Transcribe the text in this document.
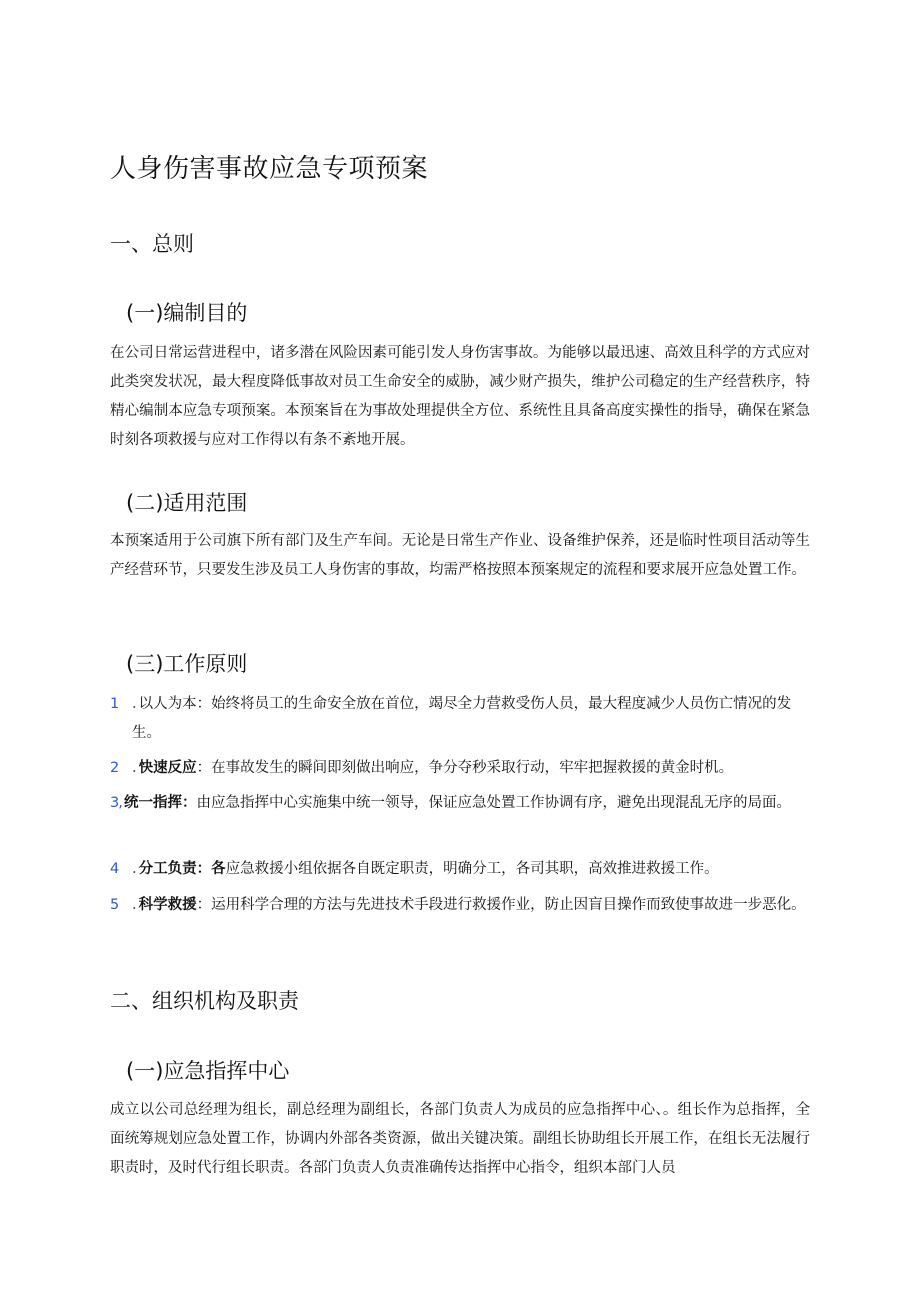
人身伤害事故应急专项预案
一、总则
(一)编制目的

在公司日常运营进程中，诸多潜在风险因素可能引发人身伤害事故。为能够以最迅速、高效且科学的方式应对此类突发状况，最大程度降低事故对员工生命安全的威胁，减少财产损失，维护公司稳定的生产经营秩序，特精心编制本应急专项预案。本预案旨在为事故处理提供全方位、系统性且具备高度实操性的指导，确保在紧急时刻各项救援与应对工作得以有条不紊地开展。

(二)适用范围

本预案适用于公司旗下所有部门及生产车间。无论是日常生产作业、设备维护保养，还是临时性项目活动等生产经营环节，只要发生涉及员工人身伤害的事故，均需严格按照本预案规定的流程和要求展开应急处置工作。

(三)工作原则
1 . 以人为本：始终将员工的生命安全放在首位，竭尽全力营救受伤人员，最大程度减少人员伤亡情况的发生。
2 . 快速反应：在事故发生的瞬间即刻做出响应，争分夺秒采取行动，牢牢把握救援的黄金时机。
3, 统一指挥：由应急指挥中心实施集中统一领导，保证应急处置工作协调有序，避免出现混乱无序的局面。
4 . 分工负责：各应急救援小组依据各自既定职责，明确分工，各司其职，高效推进救援工作。
5 . 科学救援：运用科学合理的方法与先进技术手段进行救援作业，防止因盲目操作而致使事故进一步恶化。
二、组织机构及职责
(一)应急指挥中心

成立以公司总经理为组长，副总经理为副组长，各部门负责人为成员的应急指挥中心、。组长作为总指挥，全面统筹规划应急处置工作，协调内外部各类资源，做出关键决策。副组长协助组长开展工作，在组长无法履行职责时，及时代行组长职责。各部门负责人负责准确传达指挥中心指令，组织本部门人员
